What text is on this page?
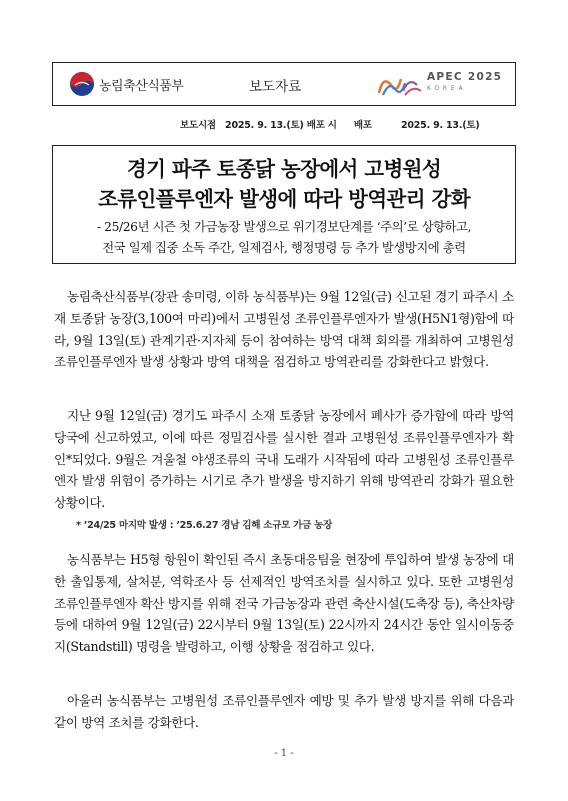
농림축산식품부	보도자료
APEC 2025
KOREA
보도시점 2025. 9. 13.(토) 배포 시 배포	2025. 9. 13.(토)
경기 파주 토종닭 농장에서 고병원성
조류인플루엔자 발생에 따라 방역관리 강화
- 25/26년 시즌 첫 가금농장 발생으로 위기경보단계를 ‘주의’로 상향하고,
전국 일제 집중 소독 주간, 일제검사, 행정명령 등 추가 발생방지에 총력
농림축산식품부(장관 송미령, 이하 농식품부)는 9월 12일(금) 신고된 경기 파주시 소재 토종닭 농장(3,100여 마리)에서 고병원성 조류인플루엔자가 발생(H5N1형)함에 따라, 9월 13일(토) 관계기관·지자체 등이 참여하는 방역 대책 회의를 개최하여 고병원성 조류인플루엔자 발생 상황과 방역 대책을 점검하고 방역관리를 강화한다고 밝혔다.
지난 9월 12일(금) 경기도 파주시 소재 토종닭 농장에서 폐사가 증가함에 따라 방역당국에 신고하였고, 이에 따른 정밀검사를 실시한 결과 고병원성 조류인플루엔자가 확인*되었다. 9월은 겨울철 야생조류의 국내 도래가 시작됨에 따라 고병원성 조류인플루엔자 발생 위험이 증가하는 시기로 추가 발생을 방지하기 위해 방역관리 강화가 필요한 상황이다.
* ’24/25 마지막 발생 : ’25.6.27 경남 김해 소규모 가금 농장
농식품부는 H5형 항원이 확인된 즉시 초동대응팀을 현장에 투입하여 발생 농장에 대한 출입통제, 살처분, 역학조사 등 선제적인 방역조치를 실시하고 있다. 또한 고병원성 조류인플루엔자 확산 방지를 위해 전국 가금농장과 관련 축산시설(도축장 등), 축산차량 등에 대하여 9월 12일(금) 22시부터 9월 13일(토) 22시까지 24시간 동안 일시이동중지(Standstill) 명령을 발령하고, 이행 상황을 점검하고 있다.
아울러 농식품부는 고병원성 조류인플루엔자 예방 및 추가 발생 방지를 위해 다음과 같이 방역 조치를 강화한다.
- 1 -
